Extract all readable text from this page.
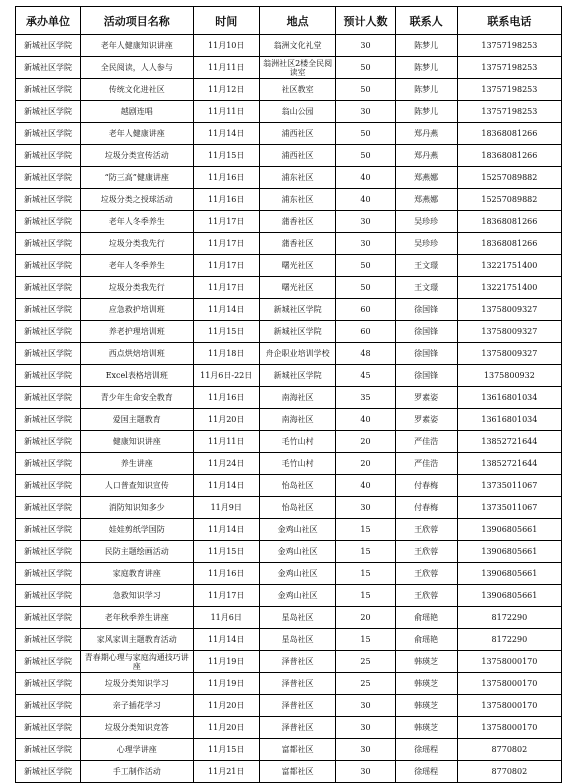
承办单位	活动项目名称	时间	地点	预计人数	联系人	联系电话
新城社区学院	老年人健康知识讲座	11月10日	翁洲文化礼堂	30	陈梦儿	13757198253
新城社区学院	全民阅读，人人参与	11月11日	翁洲社区2楼全民阅读室	50	陈梦儿	13757198253
新城社区学院	传统文化进社区	11月12日	社区教室	50	陈梦儿	13757198253
新城社区学院	越剧连唱	11月11日	翁山公园	30	陈梦儿	13757198253
新城社区学院	老年人健康讲座	11月14日	浦西社区	50	郑丹燕	18368081266
新城社区学院	垃圾分类宣传活动	11月15日	浦西社区	50	郑丹燕	18368081266
新城社区学院	“防三高”健康讲座	11月16日	浦东社区	40	郑燕娜	15257089882
新城社区学院	垃圾分类之授球活动	11月16日	浦东社区	40	郑燕娜	15257089882
新城社区学院	老年人冬季养生	11月17日	蒲香社区	30	吴珍珍	18368081266
新城社区学院	垃圾分类我先行	11月17日	蒲香社区	30	吴珍珍	18368081266
新城社区学院	老年人冬季养生	11月17日	曙光社区	50	王文璟	13221751400
新城社区学院	垃圾分类我先行	11月17日	曙光社区	50	王文璟	13221751400
新城社区学院	应急救护培训班	11月14日	新城社区学院	60	徐国锋	13758009327
新城社区学院	养老护理培训班	11月15日	新城社区学院	60	徐国锋	13758009327
新城社区学院	西点烘焙培训班	11月18日	舟企职业培训学校	48	徐国锋	13758009327
新城社区学院	Excel表格培训班	11月6日-22日	新城社区学院	45	徐国锋	1375800932
新城社区学院	青少年生命安全教育	11月16日	南海社区	35	罗素姿	13616801034
新城社区学院	爱国主题教育	11月20日	南海社区	40	罗素姿	13616801034
新城社区学院	健康知识讲座	11月11日	毛竹山村	20	严佳浩	13852721644
新城社区学院	养生讲座	11月24日	毛竹山村	20	严佳浩	13852721644
新城社区学院	人口普查知识宣传	11月14日	怡岛社区	40	付春梅	13735011067
新城社区学院	消防知识知多少	11月9日	怡岛社区	30	付春梅	13735011067
新城社区学院	娃娃剪纸学国防	11月14日	金鸡山社区	15	王欣蓉	13906805661
新城社区学院	民防主题绘画活动	11月15日	金鸡山社区	15	王欣蓉	13906805661
新城社区学院	家庭教育讲座	11月16日	金鸡山社区	15	王欣蓉	13906805661
新城社区学院	急救知识学习	11月17日	金鸡山社区	15	王欣蓉	13906805661
新城社区学院	老年秋季养生讲座	11月6日	星岛社区	20	俞瑶艳	8172290
新城社区学院	家风家训主题教育活动	11月14日	星岛社区	15	俞瑶艳	8172290
新城社区学院	青春期心理与家庭沟通技巧讲座	11月19日	泽普社区	25	韩瑛芝	13758000170
新城社区学院	垃圾分类知识学习	11月19日	泽普社区	25	韩瑛芝	13758000170
新城社区学院	亲子插花学习	11月20日	泽普社区	30	韩瑛芝	13758000170
新城社区学院	垃圾分类知识竞答	11月20日	泽普社区	30	韩瑛芝	13758000170
新城社区学院	心理学讲座	11月15日	富都社区	30	徐瑶程	8770802
新城社区学院	手工制作活动	11月21日	富都社区	30	徐瑶程	8770802
